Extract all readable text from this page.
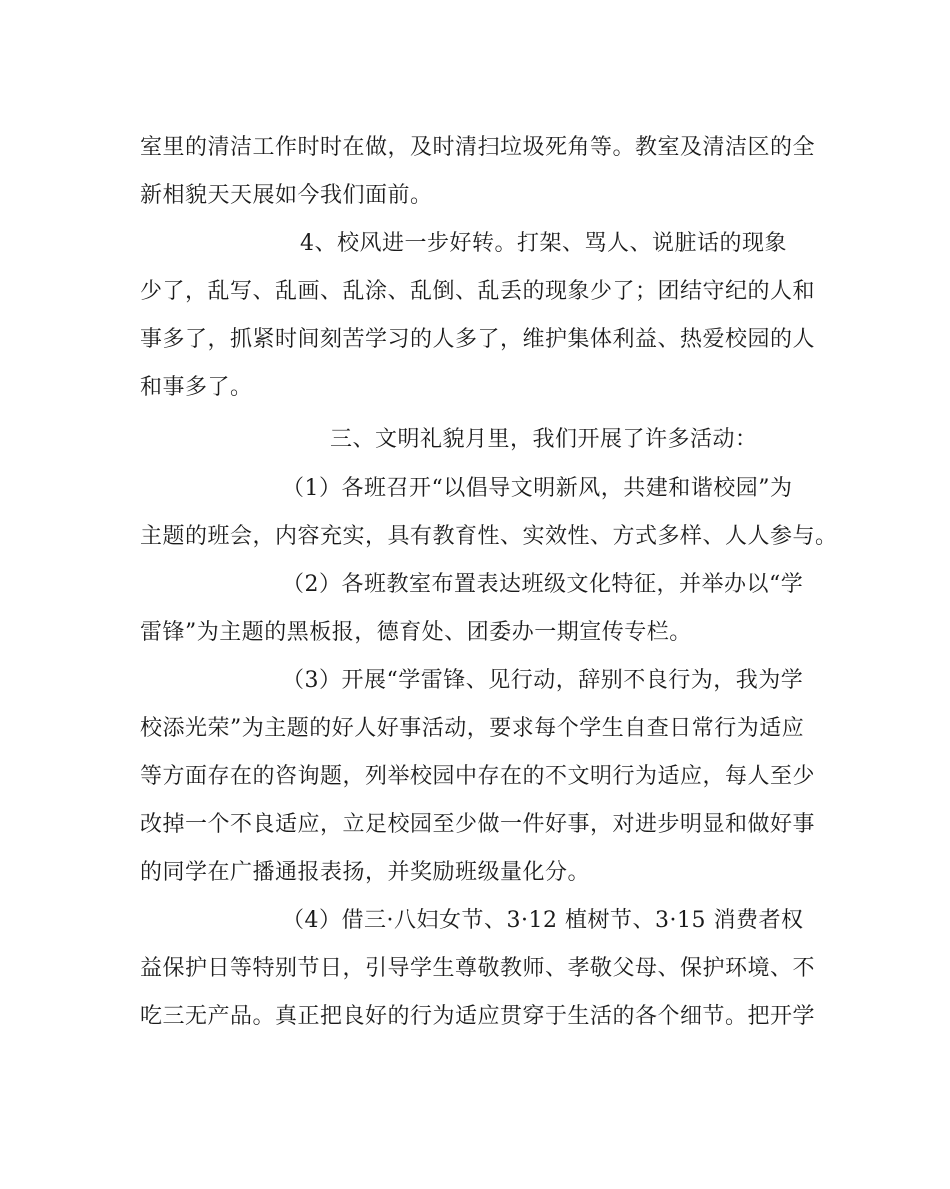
室里的清洁工作时时在做，及时清扫垃圾死角等。教室及清洁区的全
新相貌天天展如今我们面前。
4、校风进一步好转。打架、骂人、说脏话的现象
少了，乱写、乱画、乱涂、乱倒、乱丢的现象少了；团结守纪的人和
事多了，抓紧时间刻苦学习的人多了，维护集体利益、热爱校园的人
和事多了。
三、文明礼貌月里，我们开展了许多活动：
（1）各班召开“以倡导文明新风，共建和谐校园”为
主题的班会，内容充实，具有教育性、实效性、方式多样、人人参与。
（2）各班教室布置表达班级文化特征，并举办以“学
雷锋”为主题的黑板报，德育处、团委办一期宣传专栏。
（3）开展“学雷锋、见行动，辞别不良行为，我为学
校添光荣”为主题的好人好事活动，要求每个学生自查日常行为适应
等方面存在的咨询题，列举校园中存在的不文明行为适应，每人至少
改掉一个不良适应，立足校园至少做一件好事，对进步明显和做好事
的同学在广播通报表扬，并奖励班级量化分。
（4）借三·八妇女节、3·12 植树节、3·15 消费者权
益保护日等特别节日，引导学生尊敬教师、孝敬父母、保护环境、不
吃三无产品。真正把良好的行为适应贯穿于生活的各个细节。把开学
